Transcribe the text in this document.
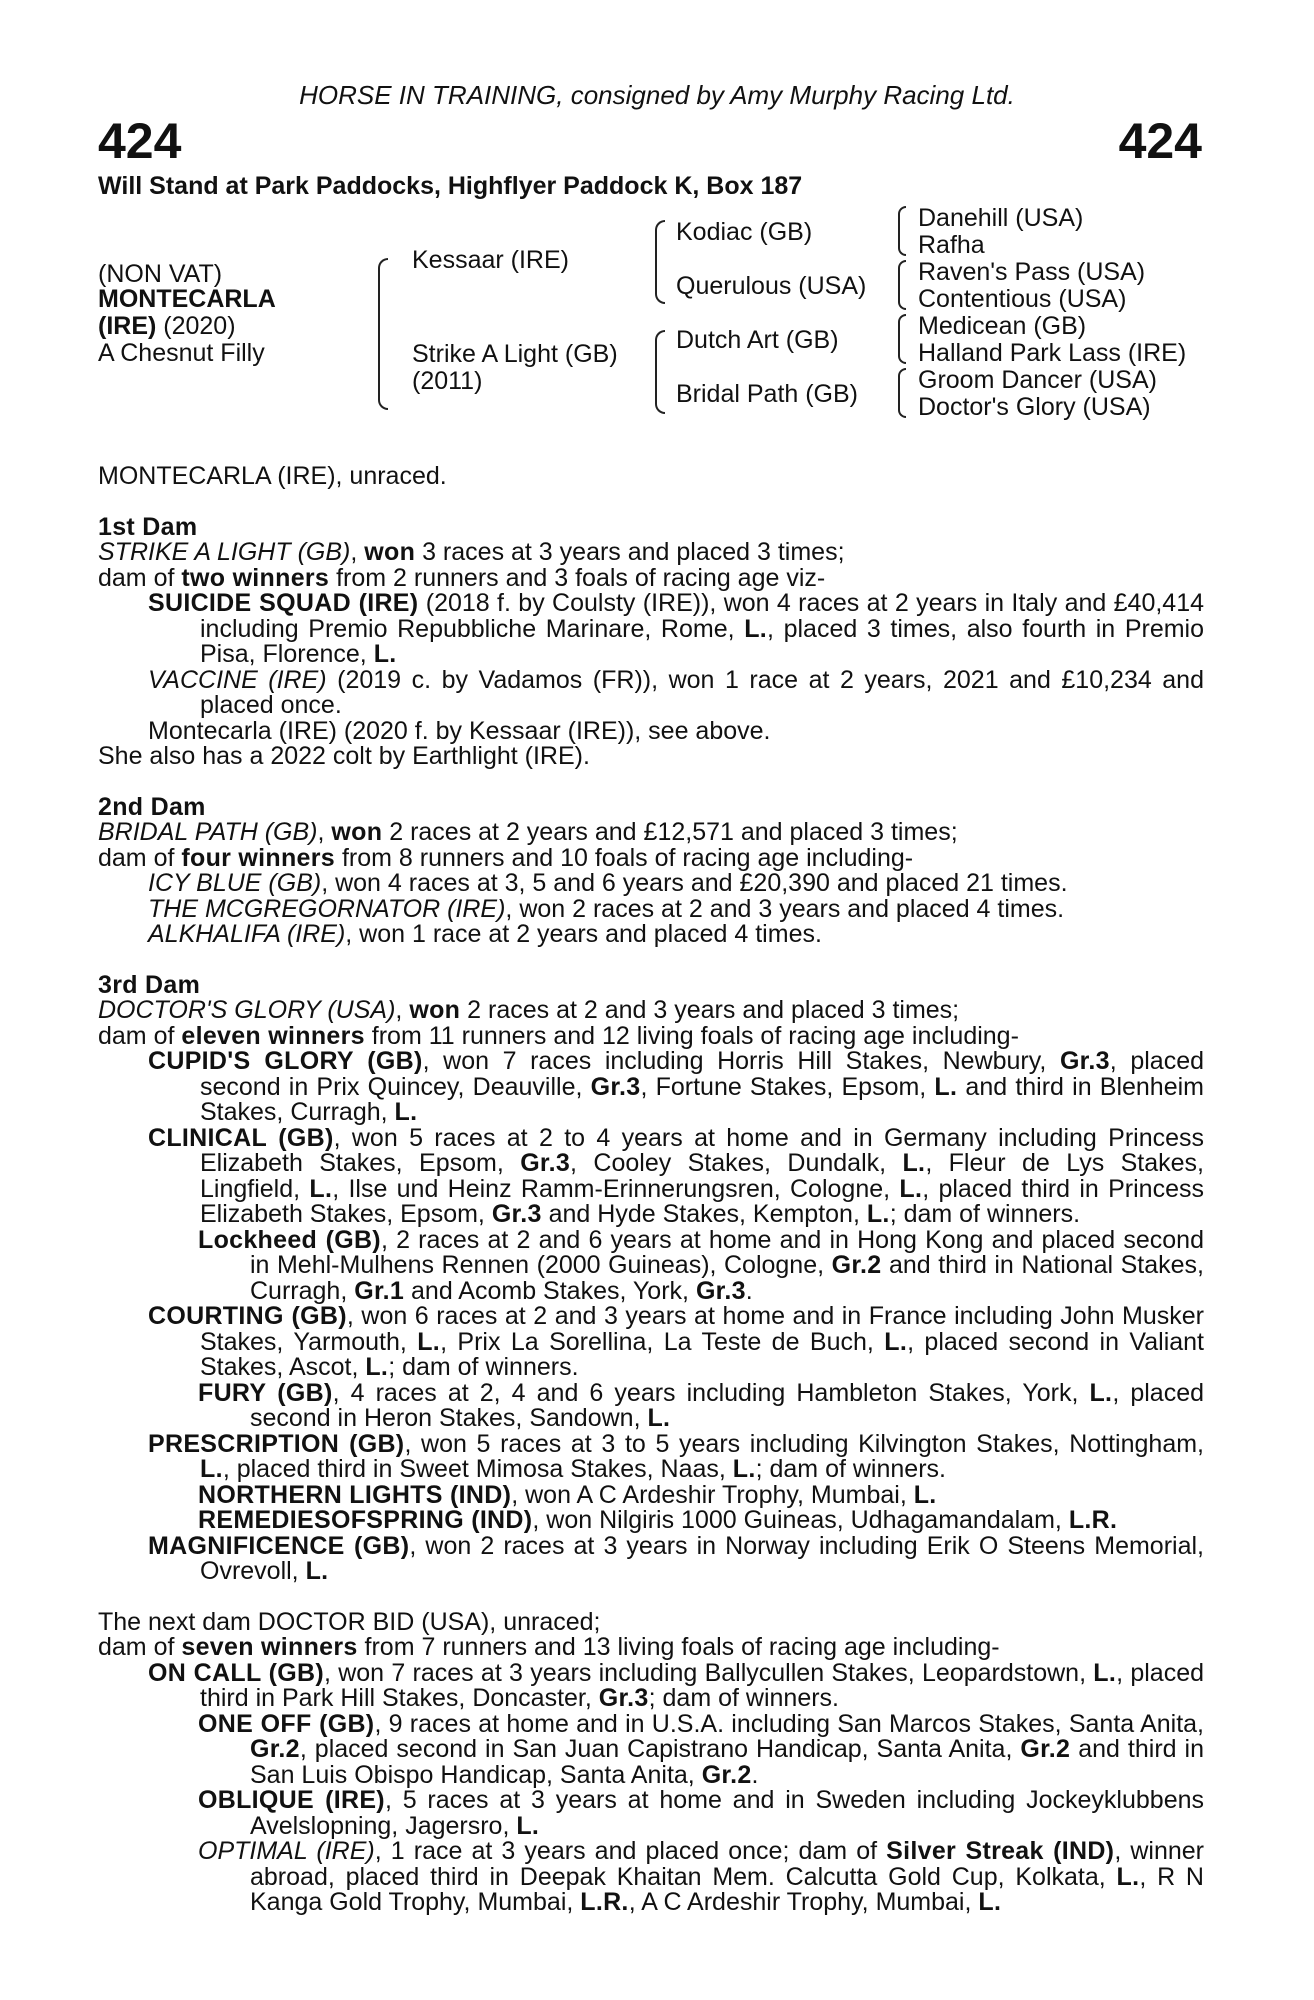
HORSE IN TRAINING, consigned by Amy Murphy Racing Ltd.
424	424
Will Stand at Park Paddocks, Highflyer Paddock K, Box 187
(NON VAT)
MONTECARLA
(IRE) (2020)
A Chesnut Filly
Kessaar (IRE)
Strike A Light (GB)
(2011)
Kodiac (GB)
Querulous (USA)
Dutch Art (GB)
Bridal Path (GB)
Danehill (USA)
Rafha
Raven's Pass (USA)
Contentious (USA)
Medicean (GB)
Halland Park Lass (IRE)
Groom Dancer (USA)
Doctor's Glory (USA)

MONTECARLA (IRE), unraced.

1st Dam

STRIKE A LIGHT (GB), won 3 races at 3 years and placed 3 times;

dam of two winners from 2 runners and 3 foals of racing age viz-

SUICIDE SQUAD (IRE) (2018 f. by Coulsty (IRE)), won 4 races at 2 years in Italy and £40,414 including Premio Repubbliche Marinare, Rome, L., placed 3 times, also fourth in Premio Pisa, Florence, L.

VACCINE (IRE) (2019 c. by Vadamos (FR)), won 1 race at 2 years, 2021 and £10,234 and placed once.

Montecarla (IRE) (2020 f. by Kessaar (IRE)), see above.

She also has a 2022 colt by Earthlight (IRE).

2nd Dam

BRIDAL PATH (GB), won 2 races at 2 years and £12,571 and placed 3 times;

dam of four winners from 8 runners and 10 foals of racing age including-

ICY BLUE (GB), won 4 races at 3, 5 and 6 years and £20,390 and placed 21 times.

THE MCGREGORNATOR (IRE), won 2 races at 2 and 3 years and placed 4 times.

ALKHALIFA (IRE), won 1 race at 2 years and placed 4 times.

3rd Dam

DOCTOR'S GLORY (USA), won 2 races at 2 and 3 years and placed 3 times;

dam of eleven winners from 11 runners and 12 living foals of racing age including-

CUPID'S GLORY (GB), won 7 races including Horris Hill Stakes, Newbury, Gr.3, placed second in Prix Quincey, Deauville, Gr.3, Fortune Stakes, Epsom, L. and third in Blenheim Stakes, Curragh, L.

CLINICAL (GB), won 5 races at 2 to 4 years at home and in Germany including Princess Elizabeth Stakes, Epsom, Gr.3, Cooley Stakes, Dundalk, L., Fleur de Lys Stakes, Lingfield, L., Ilse und Heinz Ramm-Erinnerungsren, Cologne, L., placed third in Princess Elizabeth Stakes, Epsom, Gr.3 and Hyde Stakes, Kempton, L.; dam of winners.

Lockheed (GB), 2 races at 2 and 6 years at home and in Hong Kong and placed second in Mehl-Mulhens Rennen (2000 Guineas), Cologne, Gr.2 and third in National Stakes, Curragh, Gr.1 and Acomb Stakes, York, Gr.3.

COURTING (GB), won 6 races at 2 and 3 years at home and in France including John Musker Stakes, Yarmouth, L., Prix La Sorellina, La Teste de Buch, L., placed second in Valiant Stakes, Ascot, L.; dam of winners.

FURY (GB), 4 races at 2, 4 and 6 years including Hambleton Stakes, York, L., placed second in Heron Stakes, Sandown, L.

PRESCRIPTION (GB), won 5 races at 3 to 5 years including Kilvington Stakes, Nottingham, L., placed third in Sweet Mimosa Stakes, Naas, L.; dam of winners.

NORTHERN LIGHTS (IND), won A C Ardeshir Trophy, Mumbai, L.

REMEDIESOFSPRING (IND), won Nilgiris 1000 Guineas, Udhagamandalam, L.R.

MAGNIFICENCE (GB), won 2 races at 3 years in Norway including Erik O Steens Memorial, Ovrevoll, L.

The next dam DOCTOR BID (USA), unraced;

dam of seven winners from 7 runners and 13 living foals of racing age including-

ON CALL (GB), won 7 races at 3 years including Ballycullen Stakes, Leopardstown, L., placed third in Park Hill Stakes, Doncaster, Gr.3; dam of winners.

ONE OFF (GB), 9 races at home and in U.S.A. including San Marcos Stakes, Santa Anita, Gr.2, placed second in San Juan Capistrano Handicap, Santa Anita, Gr.2 and third in San Luis Obispo Handicap, Santa Anita, Gr.2.

OBLIQUE (IRE), 5 races at 3 years at home and in Sweden including Jockeyklubbens Avelslopning, Jagersro, L.

OPTIMAL (IRE), 1 race at 3 years and placed once; dam of Silver Streak (IND), winner abroad, placed third in Deepak Khaitan Mem. Calcutta Gold Cup, Kolkata, L., R N Kanga Gold Trophy, Mumbai, L.R., A C Ardeshir Trophy, Mumbai, L.
